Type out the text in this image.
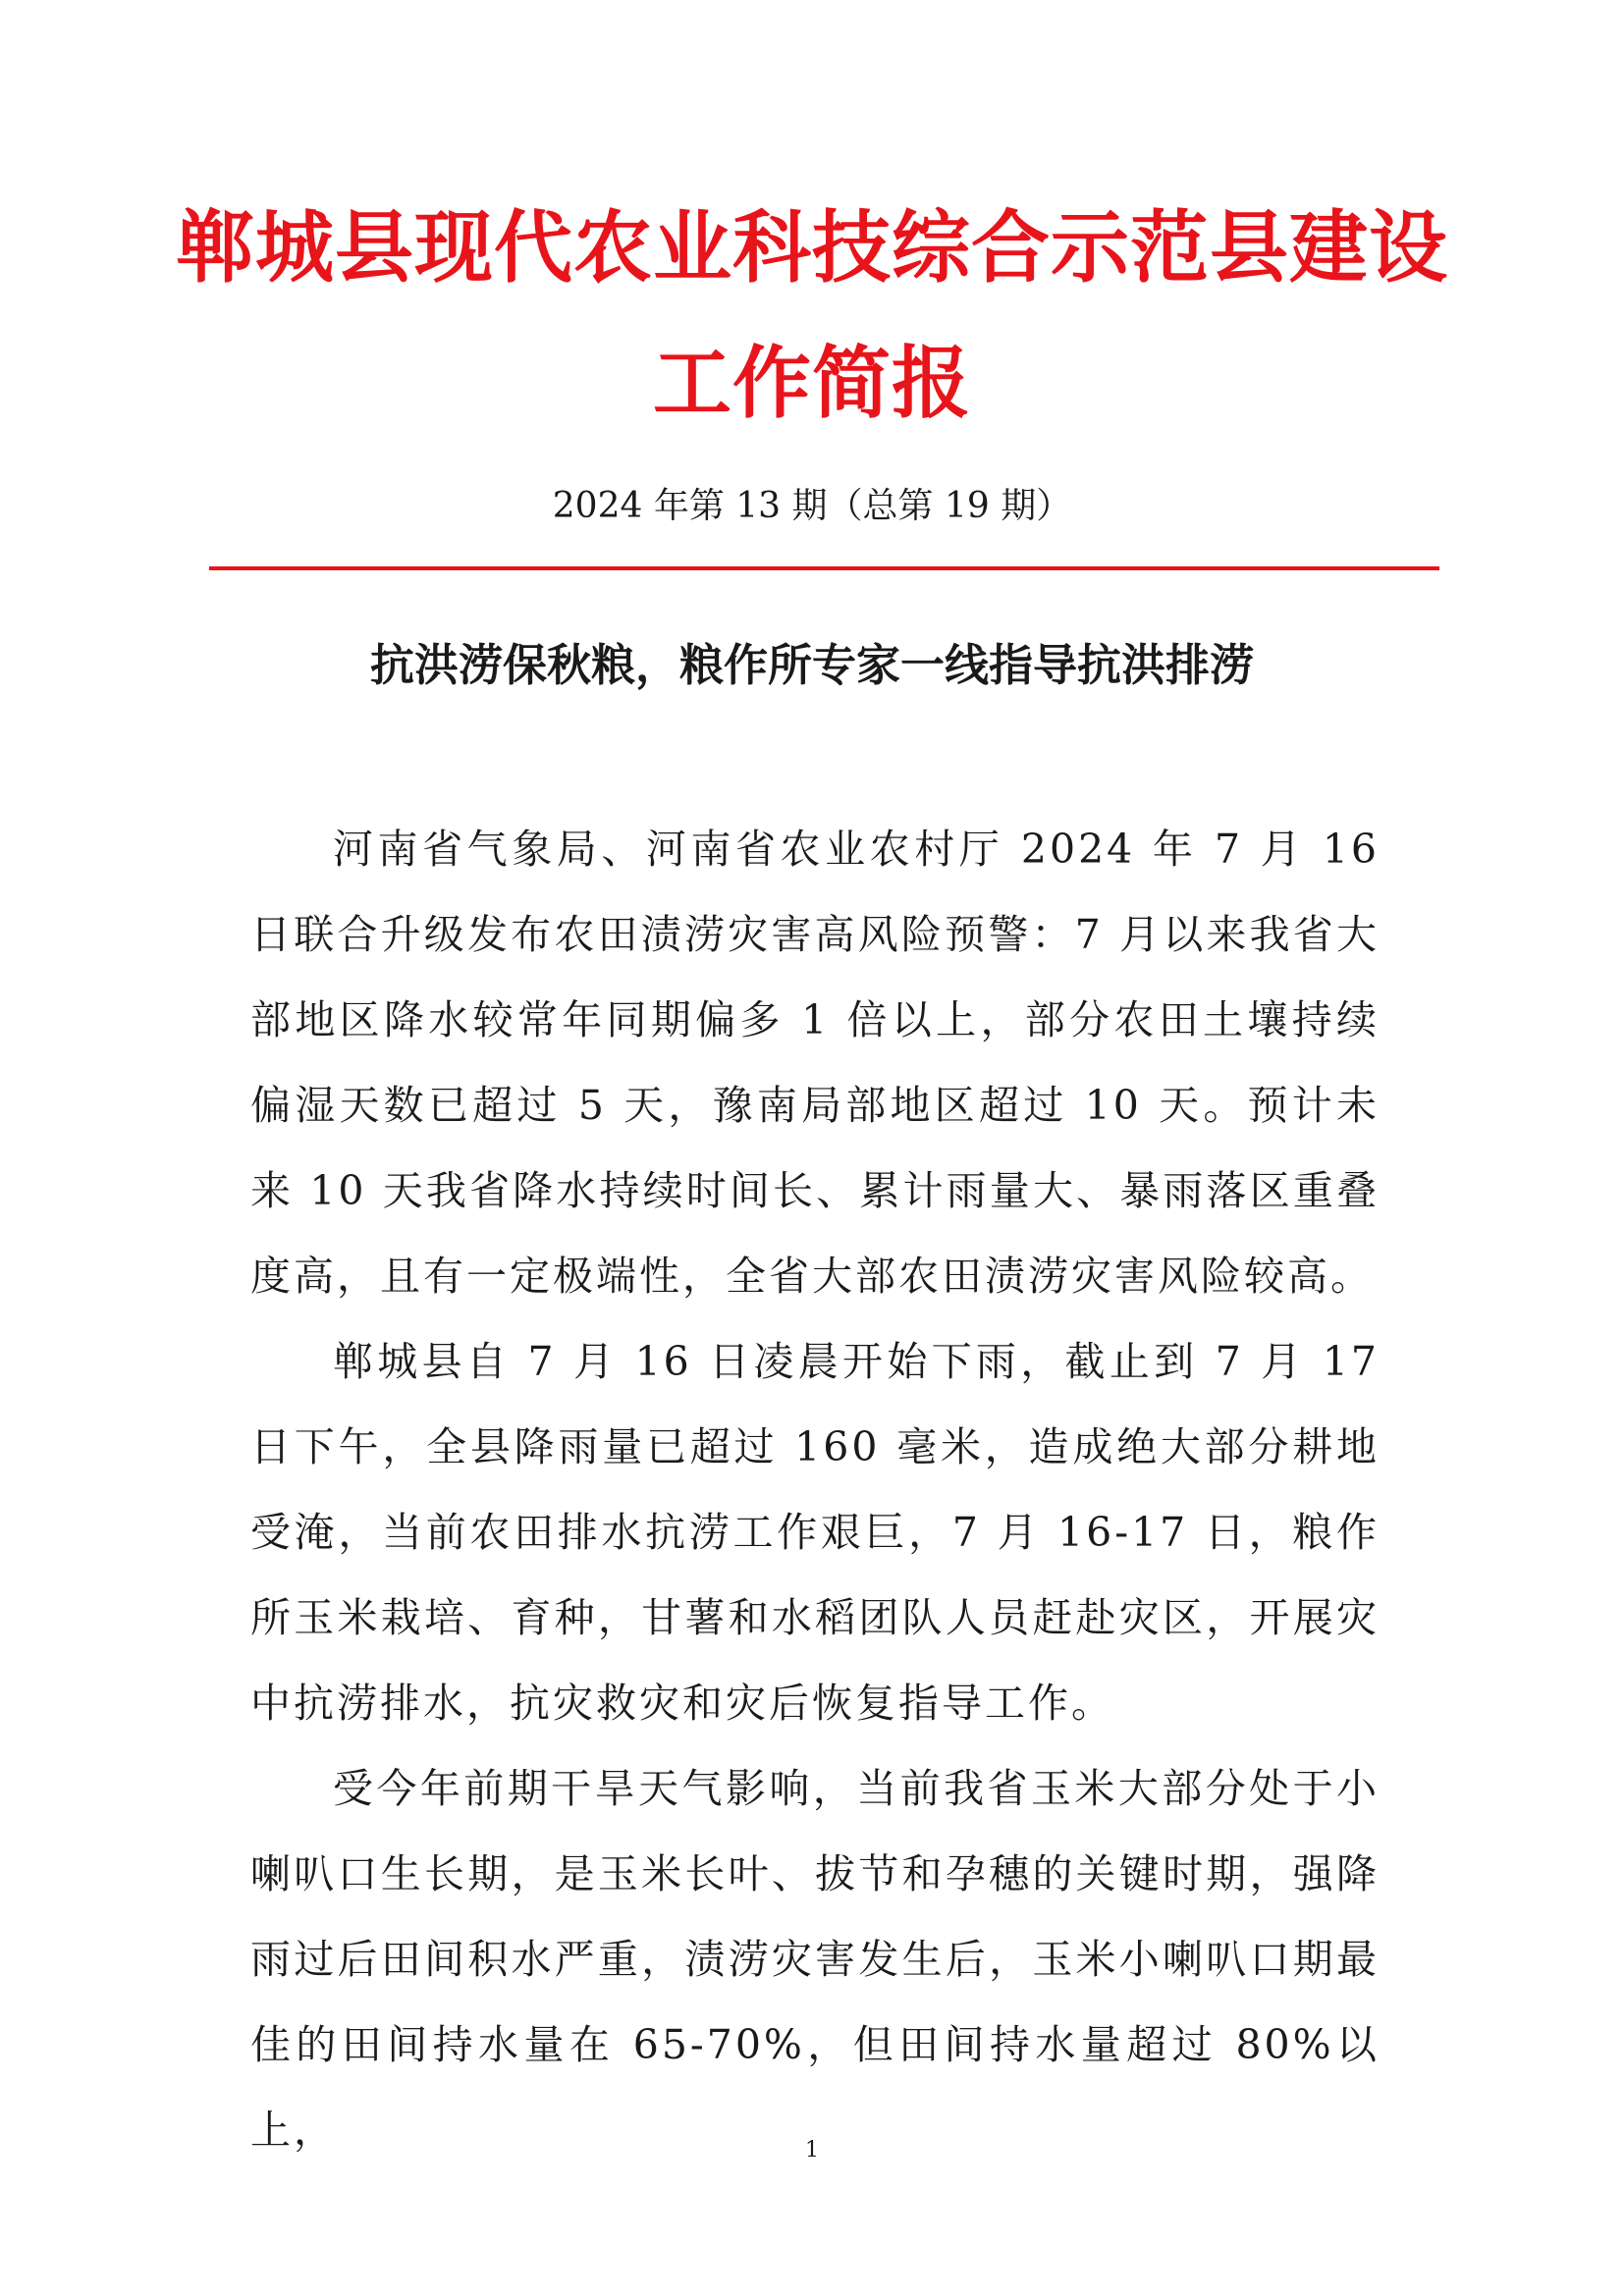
郸城县现代农业科技综合示范县建设
工作简报
2024 年第 13 期（总第 19 期）
抗洪涝保秋粮，粮作所专家一线指导抗洪排涝

河南省气象局、河南省农业农村厅 2024 年 7 月 16 日联合升级发布农田渍涝灾害高风险预警：7 月以来我省大部地区降水较常年同期偏多 1 倍以上，部分农田土壤持续偏湿天数已超过 5 天，豫南局部地区超过 10 天。预计未来 10 天我省降水持续时间长、累计雨量大、暴雨落区重叠度高，且有一定极端性，全省大部农田渍涝灾害风险较高。

郸城县自 7 月 16 日凌晨开始下雨，截止到 7 月 17 日下午，全县降雨量已超过 160 毫米，造成绝大部分耕地受淹，当前农田排水抗涝工作艰巨，7 月 16-17 日，粮作所玉米栽培、育种，甘薯和水稻团队人员赶赴灾区，开展灾中抗涝排水，抗灾救灾和灾后恢复指导工作。

受今年前期干旱天气影响，当前我省玉米大部分处于小喇叭口生长期，是玉米长叶、拔节和孕穗的关键时期，强降雨过后田间积水严重，渍涝灾害发生后，玉米小喇叭口期最佳的田间持水量在 65-70%，但田间持水量超过 80%以上，	1
